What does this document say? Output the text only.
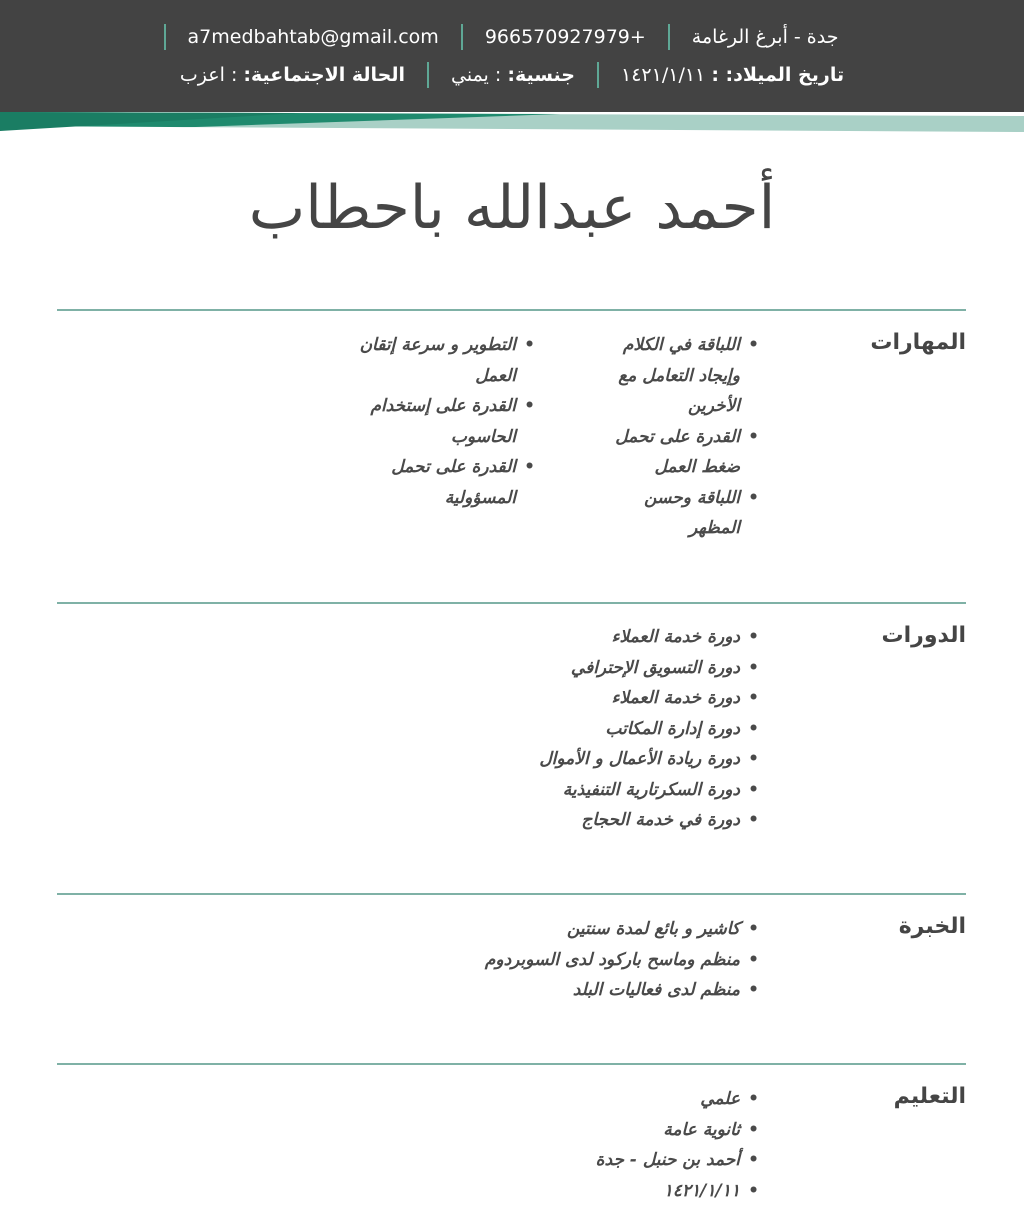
جدة - أبرغ الرغامة
966570927979+
a7medbahtab@gmail.com
تاريخ الميلاد: : ١٤٢١/١/١١
جنسية: : يمني
الحالة الاجتماعية: : اعزب
أحمد عبدالله باحطاب
المهارات
• اللباقة في الكلام وإيجاد التعامل مع الأخرين
• القدرة على تحمل ضغط العمل
• اللباقة وحسن المظهر
• التطوير و سرعة إتقان العمل
• القدرة على إستخدام الحاسوب
• القدرة على تحمل المسؤولية
الدورات
• دورة خدمة العملاء
• دورة التسويق الإحترافي
• دورة خدمة العملاء
• دورة إدارة المكاتب
• دورة ريادة الأعمال و الأموال
• دورة السكرتارية التنفيذية
• دورة في خدمة الحجاج
الخبرة
• كاشير و بائع لمدة سنتين
• منظم وماسح باركود لدى السوبردوم
• منظم لدى فعاليات البلد
التعليم
• علمي
• ثانوية عامة
• أحمد بن حنبل - جدة
• ١٤٢١/١/١١
